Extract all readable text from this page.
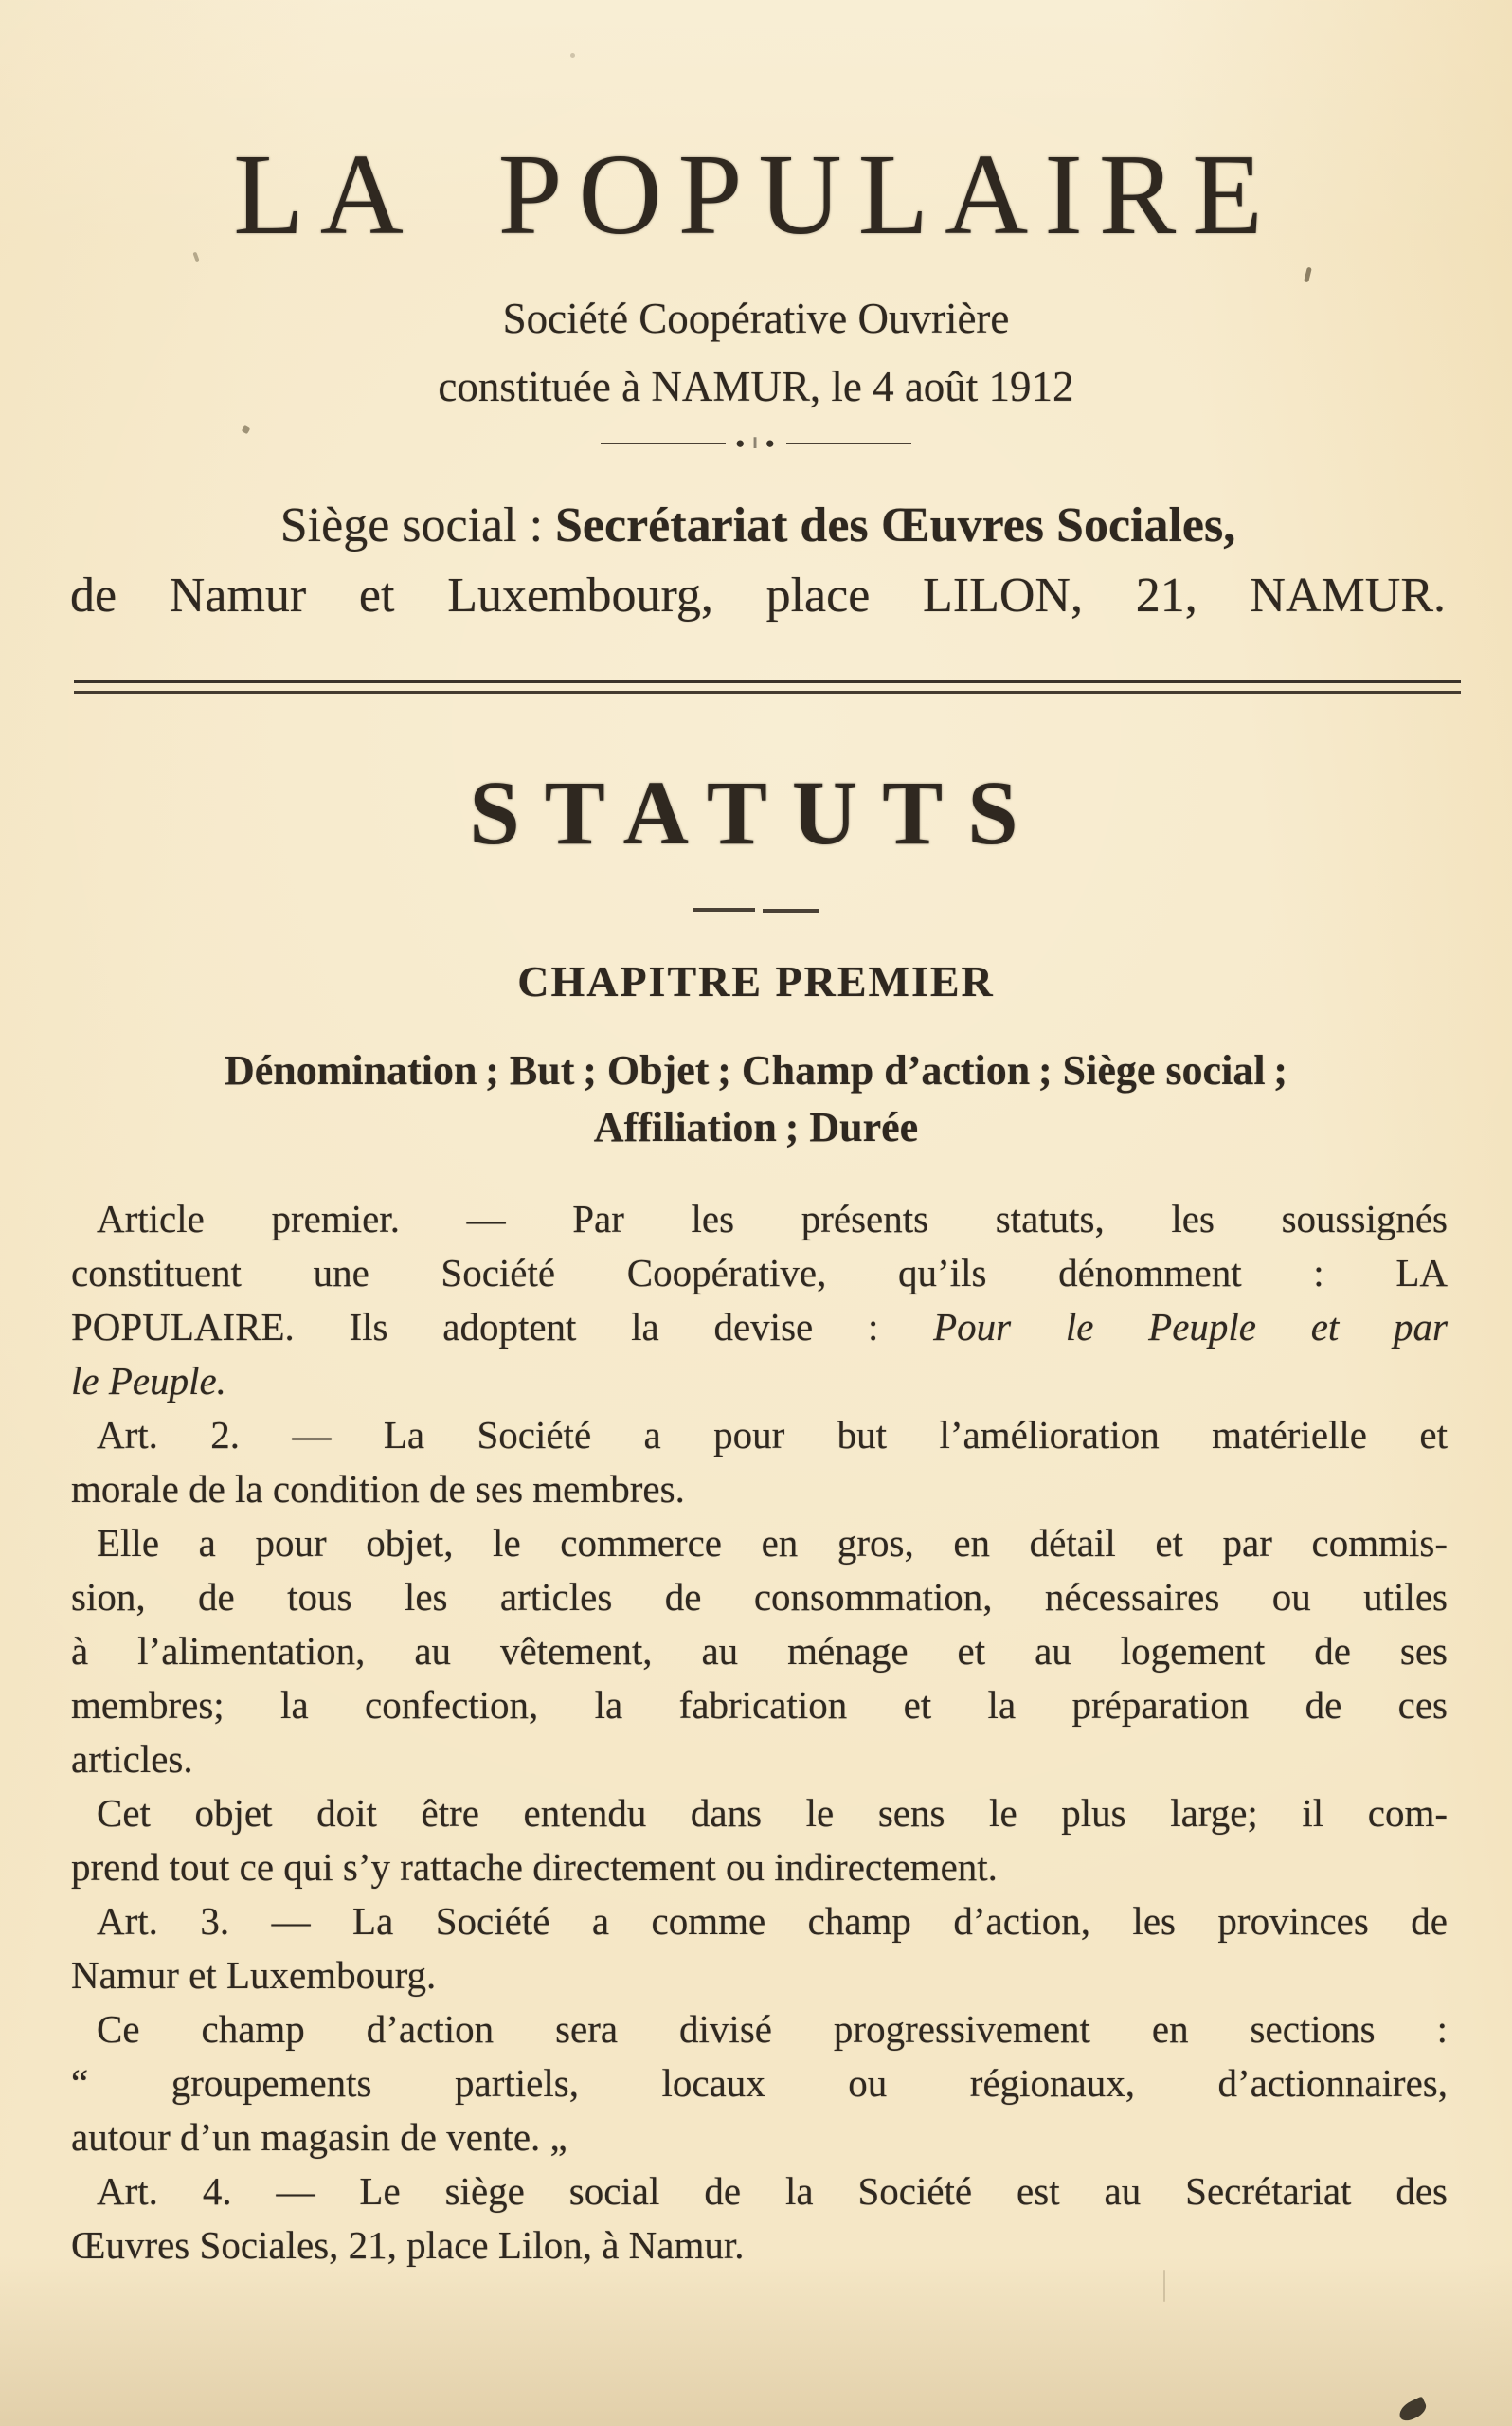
LA POPULAIRE
Société Coopérative Ouvrière
constituée à NAMUR, le 4 août 1912
● ‖ ●
Siège social : Secrétariat des Œuvres Sociales,
de Namur et Luxembourg, place LILON, 21, NAMUR.
STATUTS
CHAPITRE PREMIER
Dénomination ; But ; Objet ; Champ d’action ; Siège social ;
Affiliation ; Durée
Article premier. — Par les présents statuts, les soussignés
constituent une Société Coopérative, qu’ils dénomment : LA
POPULAIRE. Ils adoptent la devise : Pour le Peuple et par
le Peuple.
Art. 2. — La Société a pour but l’amélioration matérielle et
morale de la condition de ses membres.
Elle a pour objet, le commerce en gros, en détail et par commis-
sion, de tous les articles de consommation, nécessaires ou utiles
à l’alimentation, au vêtement, au ménage et au logement de ses
membres; la confection, la fabrication et la préparation de ces
articles.
Cet objet doit être entendu dans le sens le plus large; il com-
prend tout ce qui s’y rattache directement ou indirectement.
Art. 3. — La Société a comme champ d’action, les provinces de
Namur et Luxembourg.
Ce champ d’action sera divisé progressivement en sections :
“ groupements partiels, locaux ou régionaux, d’actionnaires,
autour d’un magasin de vente. „
Art. 4. — Le siège social de la Société est au Secrétariat des
Œuvres Sociales, 21, place Lilon, à Namur.
